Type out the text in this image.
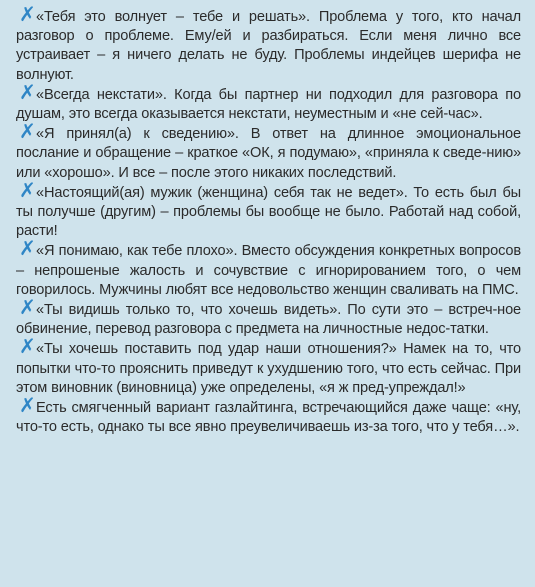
✗ «Тебя это волнует – тебе и решать». Проблема у того, кто начал разговор о проблеме. Ему/ей и разбираться. Если меня лично все устраивает – я ничего делать не буду. Проблемы индейцев шерифа не волнуют.
✗ «Всегда некстати». Когда бы партнер ни подходил для разговора по душам, это всегда оказывается некстати, неуместным и «не сей-час».
✗ «Я принял(а) к сведению». В ответ на длинное эмоциональное послание и обращение – краткое «ОК, я подумаю», «приняла к сведе-нию» или «хорошо». И все – после этого никаких последствий.
✗ «Настоящий(ая) мужик (женщина) себя так не ведет». То есть был бы ты получше (другим) – проблемы бы вообще не было. Работай над собой, расти!
✗ «Я понимаю, как тебе плохо». Вместо обсуждения конкретных вопросов – непрошеные жалость и сочувствие с игнорированием того, о чем говорилось. Мужчины любят все недовольство женщин сваливать на ПМС.
✗ «Ты видишь только то, что хочешь видеть». По сути это – встреч-ное обвинение, перевод разговора с предмета на личностные недос-татки.
✗ «Ты хочешь поставить под удар наши отношения?» Намек на то, что попытки что-то прояснить приведут к ухудшению того, что есть сейчас. При этом виновник (виновница) уже определены, «я ж пред-упреждал!»
✗ Есть смягченный вариант газлайтинга, встречающийся даже чаще: «ну, что-то есть, однако ты все явно преувеличиваешь из-за того, что у тебя…».
